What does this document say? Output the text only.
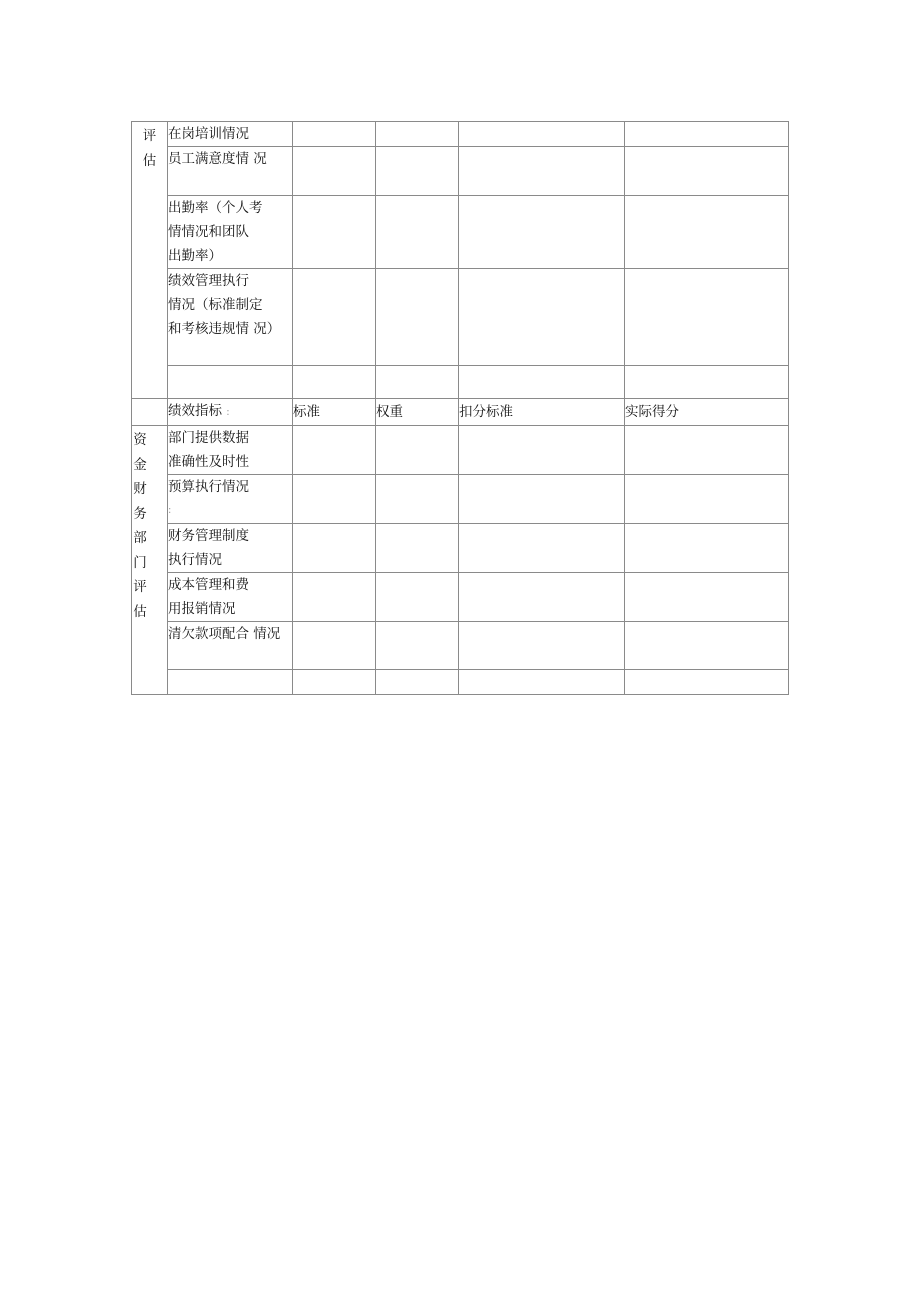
评估	在岗培训情况				

	员工满意度情 况				

	出勤率（个人考
情情况和团队
出勤率）				

	绩效管理执行
情况（标准制定
和考核违规情 况）				

	绩效指标 :	标准	权重	扣分标准	实际得分

资金财务部门评估	部门提供数据
准确性及时性				

	预算执行情况
:				

	财务管理制度
执行情况				

	成本管理和费
用报销情况				

	清欠款项配合 情况				
